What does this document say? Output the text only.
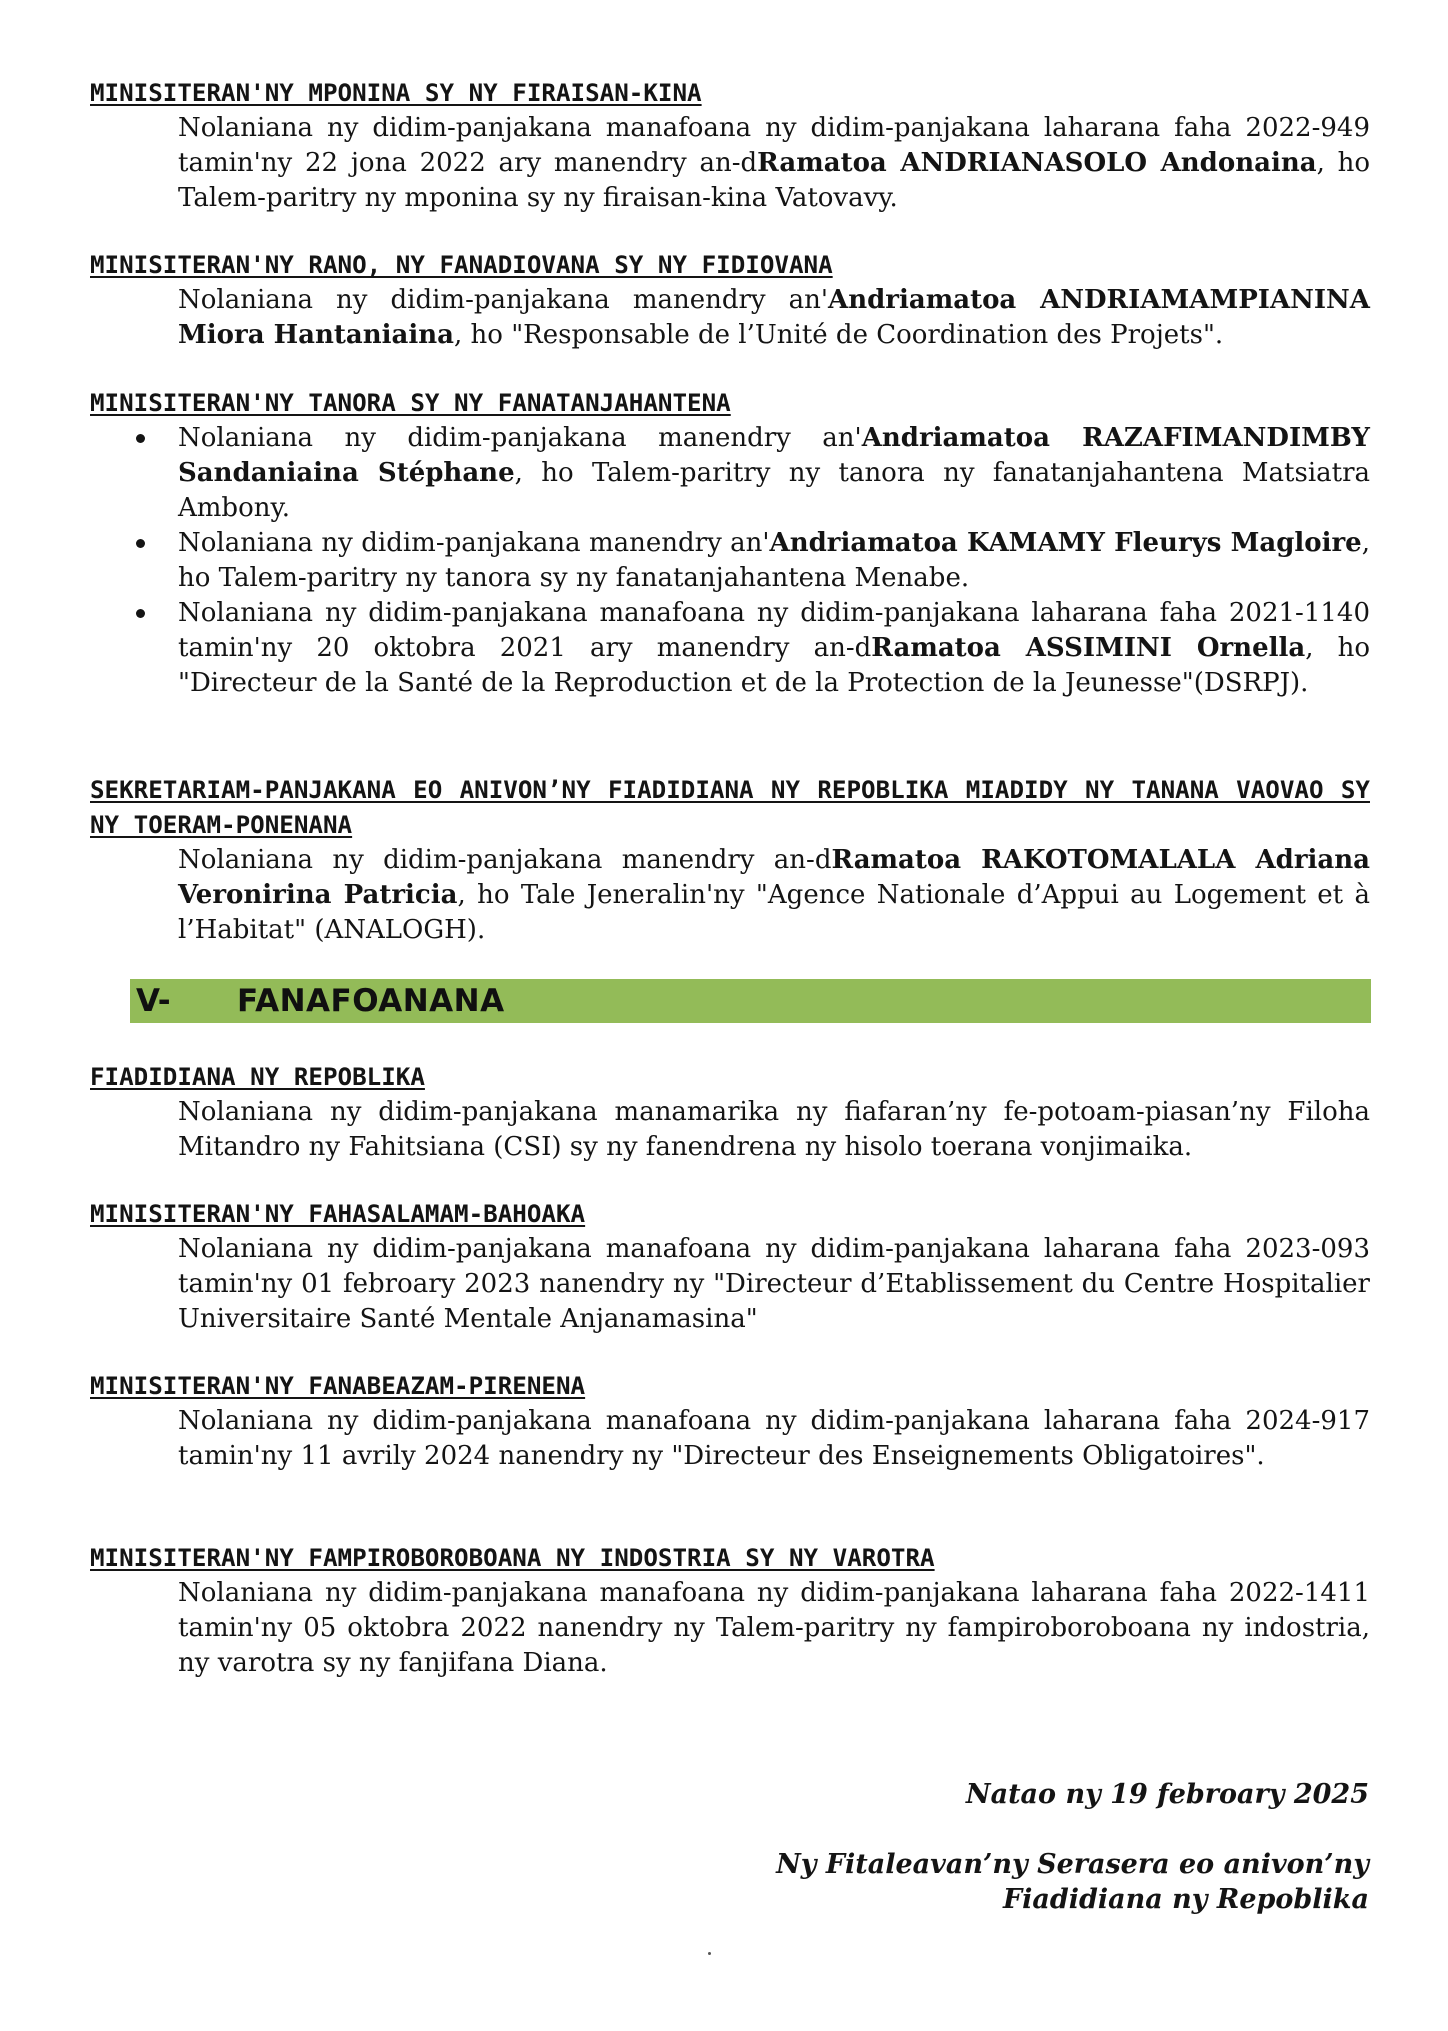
MINISITERAN'NY MPONINA SY NY FIRAISAN-KINA

Nolaniana ny didim-panjakana manafoana ny didim-panjakana laharana faha 2022-949 tamin'ny 22 jona 2022 ary manendry an-dRamatoa ANDRIANASOLO Andonaina, ho Talem-paritry ny mponina sy ny firaisan-kina Vatovavy.

MINISITERAN'NY RANO, NY FANADIOVANA SY NY FIDIOVANA

Nolaniana ny didim-panjakana manendry an'Andriamatoa ANDRIAMAMPIANINA Miora Hantaniaina, ho "Responsable de l’Unité de Coordination des Projets".

MINISITERAN'NY TANORA SY NY FANATANJAHANTENA

Nolaniana ny didim-panjakana manendry an'Andriamatoa RAZAFIMANDIMBY Sandaniaina Stéphane, ho Talem-paritry ny tanora ny fanatanjahantena Matsiatra Ambony.
Nolaniana ny didim-panjakana manendry an'Andriamatoa KAMAMY Fleurys Magloire, ho Talem-paritry ny tanora sy ny fanatanjahantena Menabe.
Nolaniana ny didim-panjakana manafoana ny didim-panjakana laharana faha 2021-1140 tamin'ny 20 oktobra 2021 ary manendry an-dRamatoa ASSIMINI Ornella, ho "Directeur de la Santé de la Reproduction et de la Protection de la Jeunesse"(DSRPJ).

SEKRETARIAM-PANJAKANA EO ANIVON’NY FIADIDIANA NY REPOBLIKA MIADIDY NY TANANA VAOVAO SY NY TOERAM-PONENANA

Nolaniana ny didim-panjakana manendry an-dRamatoa RAKOTOMALALA Adriana Veronirina Patricia, ho Tale Jeneralin'ny "Agence Nationale d’Appui au Logement et à l’Habitat" (ANALOGH).

V- FANAFOANANA

FIADIDIANA NY REPOBLIKA

Nolaniana ny didim-panjakana manamarika ny fiafaran’ny fe-potoam-piasan’ny Filoha Mitandro ny Fahitsiana (CSI) sy ny fanendrena ny hisolo toerana vonjimaika.

MINISITERAN'NY FAHASALAMAM-BAHOAKA

Nolaniana ny didim-panjakana manafoana ny didim-panjakana laharana faha 2023-093 tamin'ny 01 febroary 2023 nanendry ny "Directeur d’Etablissement du Centre Hospitalier Universitaire Santé Mentale Anjanamasina"

MINISITERAN'NY FANABEAZAM-PIRENENA

Nolaniana ny didim-panjakana manafoana ny didim-panjakana laharana faha 2024-917 tamin'ny 11 avrily 2024 nanendry ny "Directeur des Enseignements Obligatoires".

MINISITERAN'NY FAMPIROBOROBOANA NY INDOSTRIA SY NY VAROTRA

Nolaniana ny didim-panjakana manafoana ny didim-panjakana laharana faha 2022-1411 tamin'ny 05 oktobra 2022 nanendry ny Talem-paritry ny fampiroboroboana ny indostria, ny varotra sy ny fanjifana Diana.

Natao ny 19 febroary 2025
Ny Fitaleavan’ny Serasera eo anivon’ny
Fiadidiana ny Repoblika
